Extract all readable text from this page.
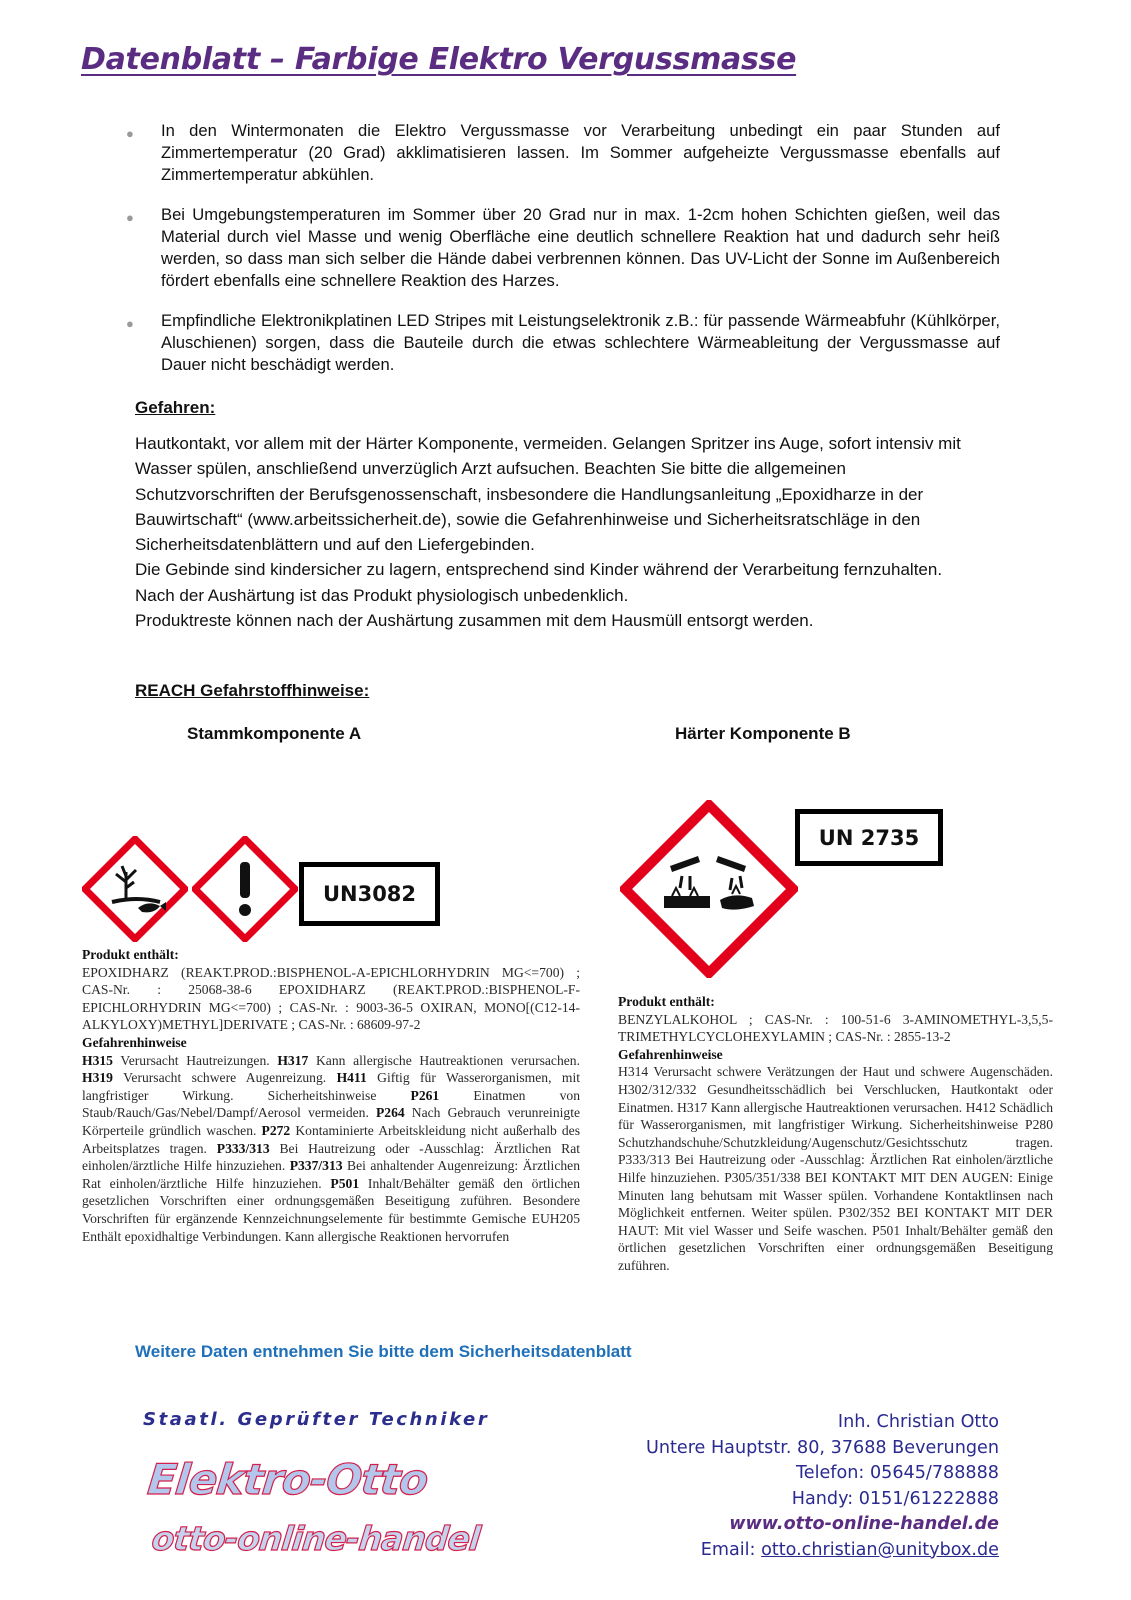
Datenblatt – Farbige Elektro Vergussmasse
● In den Wintermonaten die Elektro Vergussmasse vor Verarbeitung unbedingt ein paar Stunden auf Zimmertemperatur (20 Grad) akklimatisieren lassen. Im Sommer aufgeheizte Vergussmasse ebenfalls auf Zimmertemperatur abkühlen.
● Bei Umgebungstemperaturen im Sommer über 20 Grad nur in max. 1-2cm hohen Schichten gießen, weil das Material durch viel Masse und wenig Oberfläche eine deutlich schnellere Reaktion hat und dadurch sehr heiß werden, so dass man sich selber die Hände dabei verbrennen können. Das UV-Licht der Sonne im Außenbereich fördert ebenfalls eine schnellere Reaktion des Harzes.
● Empfindliche Elektronikplatinen LED Stripes mit Leistungselektronik z.B.: für passende Wärmeabfuhr (Kühlkörper, Aluschienen) sorgen, dass die Bauteile durch die etwas schlechtere Wärmeableitung der Vergussmasse auf Dauer nicht beschädigt werden.
Gefahren:

Hautkontakt, vor allem mit der Härter Komponente, vermeiden. Gelangen Spritzer ins Auge, sofort intensiv mit Wasser spülen, anschließend unverzüglich Arzt aufsuchen. Beachten Sie bitte die allgemeinen Schutzvorschriften der Berufsgenossenschaft, insbesondere die Handlungsanleitung „Epoxidharze in der Bauwirtschaft“ (www.arbeitssicherheit.de), sowie die Gefahrenhinweise und Sicherheitsratschläge in den Sicherheitsdatenblättern und auf den Liefergebinden.

Die Gebinde sind kindersicher zu lagern, entsprechend sind Kinder während der Verarbeitung fernzuhalten.

Nach der Aushärtung ist das Produkt physiologisch unbedenklich.

Produktreste können nach der Aushärtung zusammen mit dem Hausmüll entsorgt werden.

REACH Gefahrstoffhinweise:
Stammkomponente A	Härter Komponente B
UN3082
UN 2735
Produkt enthält:
EPOXIDHARZ (REAKT.PROD.:BISPHENOL-A-EPICHLORHYDRIN MG<=700) ; CAS-Nr. : 25068-38-6 EPOXIDHARZ (REAKT.PROD.:BISPHENOL-F-EPICHLORHYDRIN MG<=700) ; CAS-Nr. : 9003-36-5 OXIRAN, MONO[(C12-14-ALKYLOXY)METHYL]DERIVATE ; CAS-Nr. : 68609-97-2
Gefahrenhinweise
H315 Verursacht Hautreizungen. H317 Kann allergische Hautreaktionen verursachen. H319 Verursacht schwere Augenreizung. H411 Giftig für Wasserorganismen, mit langfristiger Wirkung. Sicherheitshinweise P261 Einatmen von Staub/Rauch/Gas/Nebel/Dampf/Aerosol vermeiden. P264 Nach Gebrauch verunreinigte Körperteile gründlich waschen. P272 Kontaminierte Arbeitskleidung nicht außerhalb des Arbeitsplatzes tragen. P333/313 Bei Hautreizung oder -Ausschlag: Ärztlichen Rat einholen/ärztliche Hilfe hinzuziehen. P337/313 Bei anhaltender Augenreizung: Ärztlichen Rat einholen/ärztliche Hilfe hinzuziehen. P501 Inhalt/Behälter gemäß den örtlichen gesetzlichen Vorschriften einer ordnungsgemäßen Beseitigung zuführen. Besondere Vorschriften für ergänzende Kennzeichnungselemente für bestimmte Gemische EUH205 Enthält epoxidhaltige Verbindungen. Kann allergische Reaktionen hervorrufen
Produkt enthält:
BENZYLALKOHOL ; CAS-Nr. : 100-51-6 3-AMINOMETHYL-3,5,5-TRIMETHYLCYCLOHEXYLAMIN ; CAS-Nr. : 2855-13-2
Gefahrenhinweise
H314 Verursacht schwere Verätzungen der Haut und schwere Augenschäden. H302/312/332 Gesundheitsschädlich bei Verschlucken, Hautkontakt oder Einatmen. H317 Kann allergische Hautreaktionen verursachen. H412 Schädlich für Wasserorganismen, mit langfristiger Wirkung. Sicherheitshinweise P280 Schutzhandschuhe/Schutzkleidung/Augenschutz/Gesichtsschutz tragen. P333/313 Bei Hautreizung oder -Ausschlag: Ärztlichen Rat einholen/ärztliche Hilfe hinzuziehen. P305/351/338 BEI KONTAKT MIT DEN AUGEN: Einige Minuten lang behutsam mit Wasser spülen. Vorhandene Kontaktlinsen nach Möglichkeit entfernen. Weiter spülen. P302/352 BEI KONTAKT MIT DER HAUT: Mit viel Wasser und Seife waschen. P501 Inhalt/Behälter gemäß den örtlichen gesetzlichen Vorschriften einer ordnungsgemäßen Beseitigung zuführen.

Weitere Daten entnehmen Sie bitte dem Sicherheitsdatenblatt

Staatl. Geprüfter Techniker

Elektro-Otto

otto-online-handel

Inh. Christian Otto
Untere Hauptstr. 80, 37688 Beverungen
Telefon: 05645/788888
Handy: 0151/61222888
www.otto-online-handel.de
Email: otto.christian@unitybox.de
